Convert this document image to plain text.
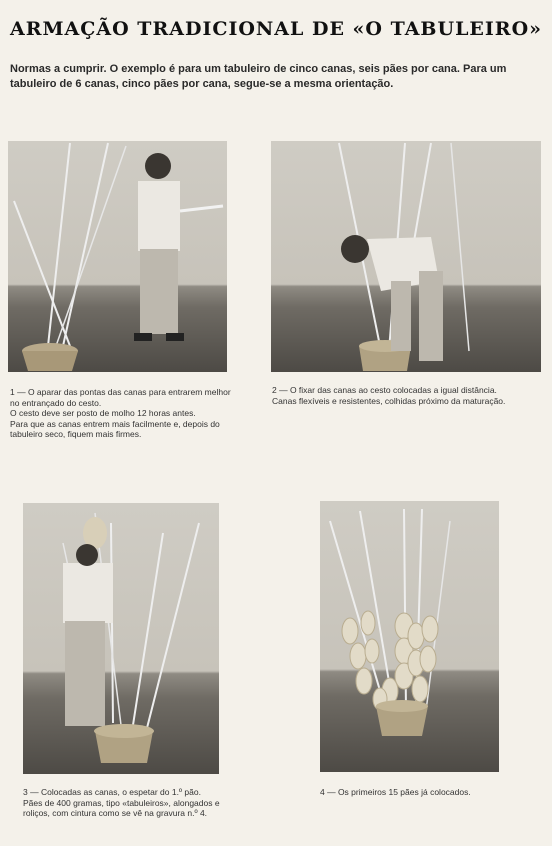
ARMAÇÃO TRADICIONAL DE «O TABULEIRO»
Normas a cumprir. O exemplo é para um tabuleiro de cinco canas, seis pães por cana. Para um tabuleiro de 6 canas, cinco pães por cana, segue-se a mesma orientação.

1 — O aparar das pontas das canas para entrarem melhor no entrançado do cesto.

O cesto deve ser posto de molho 12 horas antes.

Para que as canas entrem mais facilmente e, depois do tabuleiro seco, fiquem mais firmes.

2 — O fixar das canas ao cesto colocadas a igual distância.

Canas flexíveis e resistentes, colhidas próximo da maturação.

3 — Colocadas as canas, o espetar do 1.º pão.

Pães de 400 gramas, tipo «tabuleiros», alongados e roliços, com cintura como se vê na gravura n.º 4.

4 — Os primeiros 15 pães já colocados.
